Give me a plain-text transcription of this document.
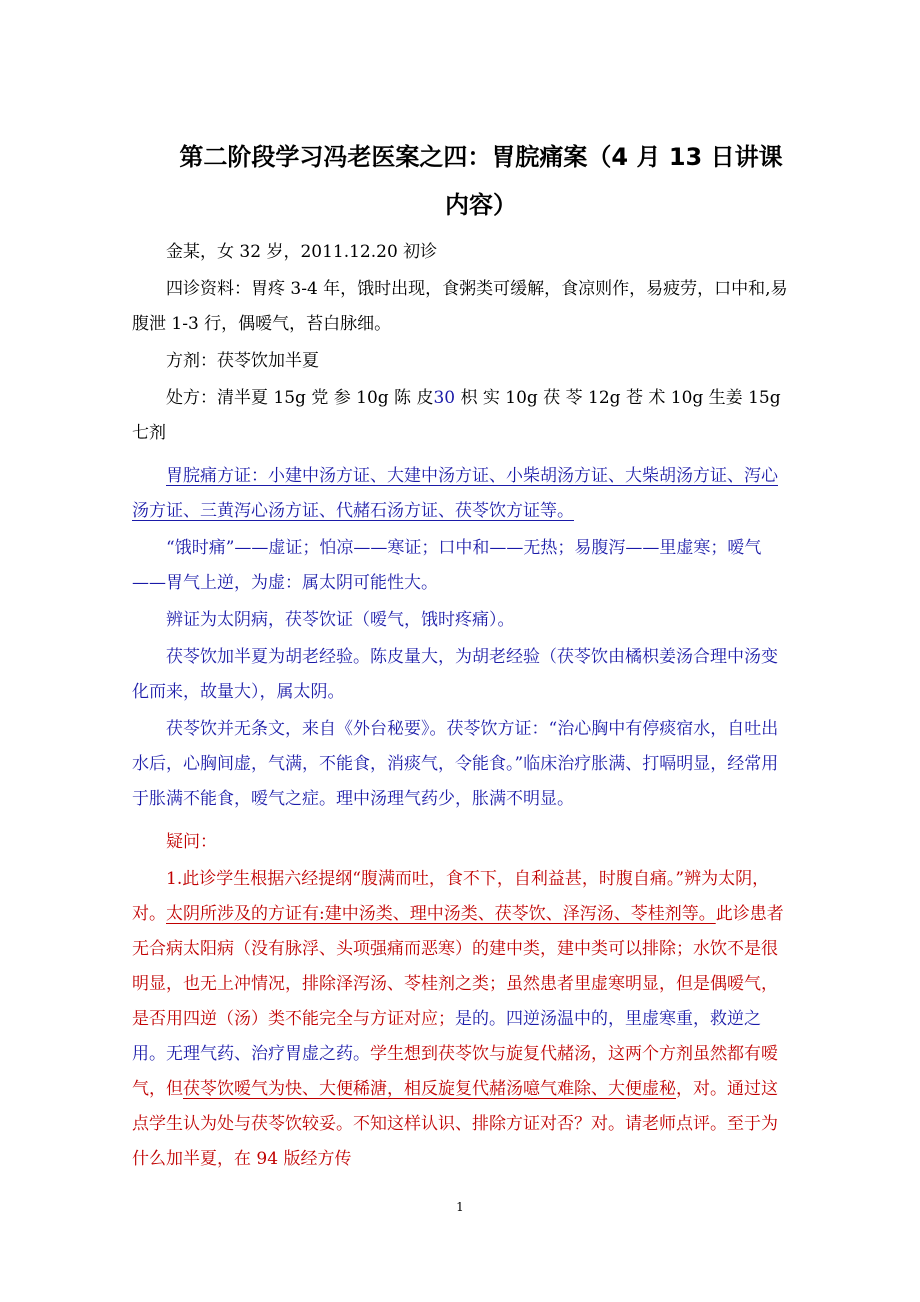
第二阶段学习冯老医案之四：胃脘痛案（4 月 13 日讲课
内容）

金某，女 32 岁，2011.12.20 初诊

四诊资料：胃疼 3-4 年，饿时出现，食粥类可缓解，食凉则作，易疲劳，口中和,易腹泄 1-3 行，偶嗳气，苔白脉细。

方剂：茯苓饮加半夏

处方：清半夏 15g 党 参 10g 陈 皮30 枳 实 10g 茯 苓 12g 苍 术 10g 生姜 15g 七剂

胃脘痛方证：小建中汤方证、大建中汤方证、小柴胡汤方证、大柴胡汤方证、泻心汤方证、三黄泻心汤方证、代赭石汤方证、茯苓饮方证等。

“饿时痛”——虚证；怕凉——寒证；口中和——无热；易腹泻——里虚寒；嗳气——胃气上逆，为虚：属太阴可能性大。

辨证为太阴病，茯苓饮证（嗳气，饿时疼痛）。

茯苓饮加半夏为胡老经验。陈皮量大，为胡老经验（茯苓饮由橘枳姜汤合理中汤变化而来，故量大），属太阴。

茯苓饮并无条文，来自《外台秘要》。茯苓饮方证：“治心胸中有停痰宿水，自吐出水后，心胸间虚，气满，不能食，消痰气，令能食。”临床治疗胀满、打嗝明显，经常用于胀满不能食，嗳气之症。理中汤理气药少，胀满不明显。

疑问：

1.此诊学生根据六经提纲“腹满而吐，食不下，自利益甚，时腹自痛。”辨为太阴，对。太阴所涉及的方证有:建中汤类、理中汤类、茯苓饮、泽泻汤、苓桂剂等。此诊患者无合病太阳病（没有脉浮、头项强痛而恶寒）的建中类，建中类可以排除；水饮不是很明显，也无上冲情况，排除泽泻汤、苓桂剂之类；虽然患者里虚寒明显，但是偶嗳气，是否用四逆（汤）类不能完全与方证对应；是的。四逆汤温中的，里虚寒重，救逆之用。无理气药、治疗胃虚之药。学生想到茯苓饮与旋复代赭汤，这两个方剂虽然都有嗳气，但茯苓饮嗳气为快、大便稀溏，相反旋复代赭汤噫气难除、大便虚秘，对。通过这点学生认为处与茯苓饮较妥。不知这样认识、排除方证对否？对。请老师点评。至于为什么加半夏，在 94 版经方传

1
